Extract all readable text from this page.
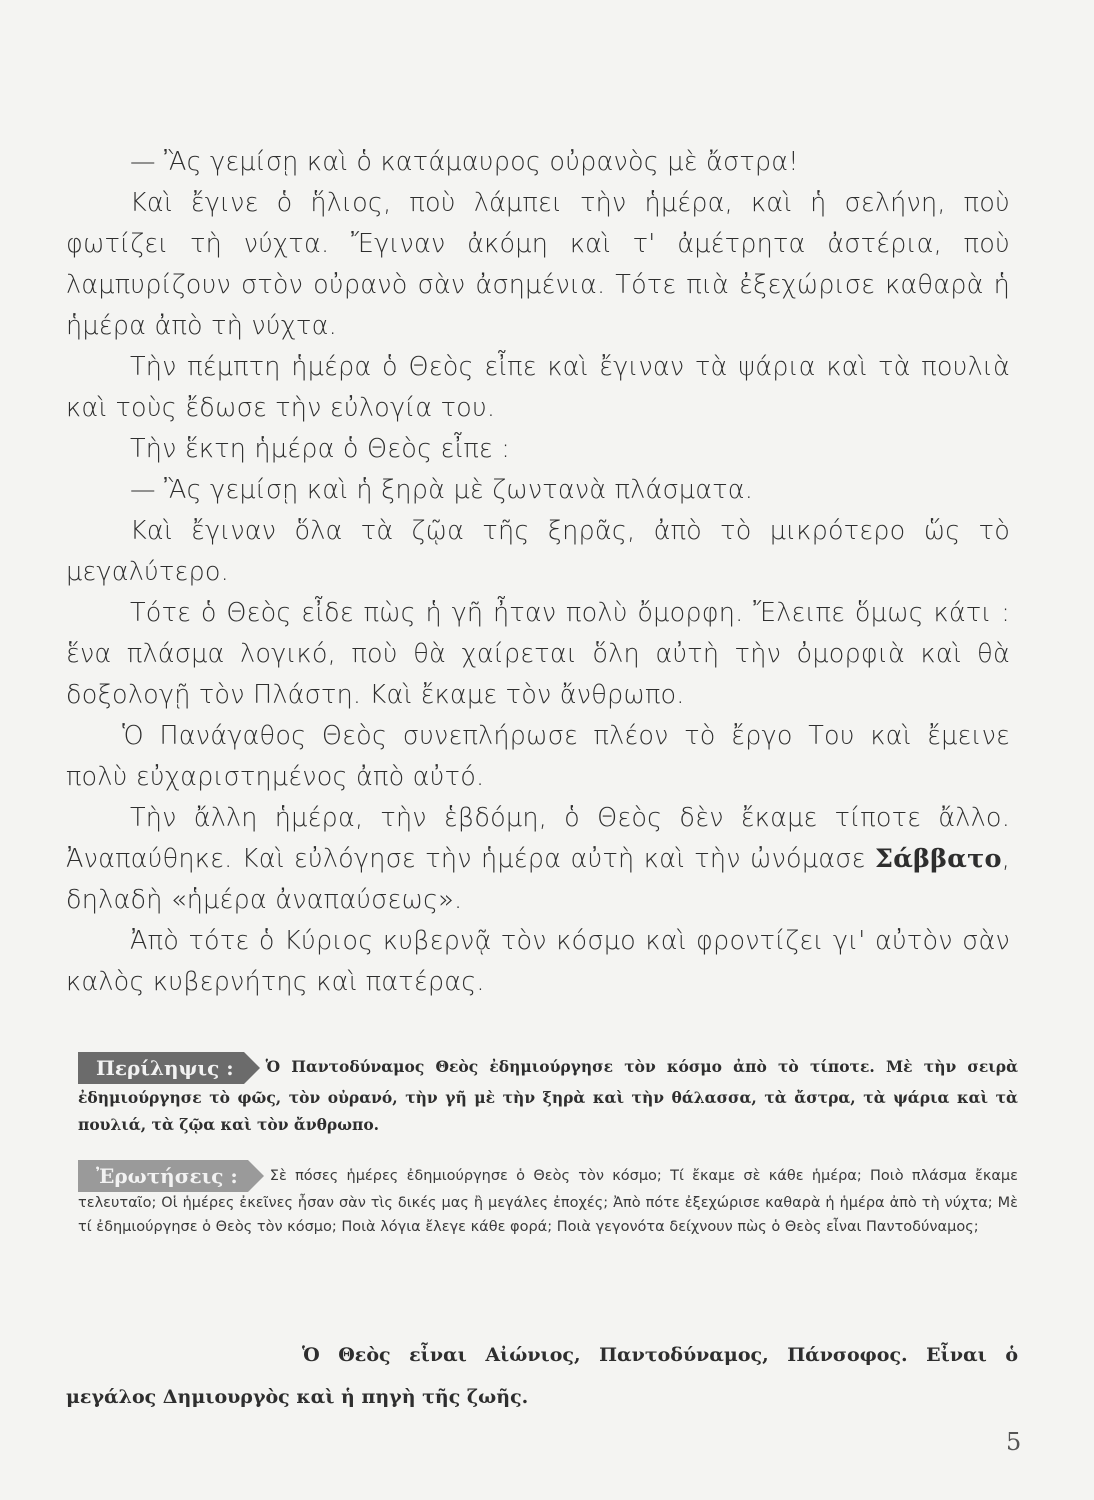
— Ἂς γεμίσῃ καὶ ὁ κατάμαυρος οὐρανὸς μὲ ἄστρα!

Καὶ ἔγινε ὁ ἥλιος, ποὺ λάμπει τὴν ἡμέρα, καὶ ἡ σελήνη, ποὺ φωτίζει τὴ νύχτα. Ἔγιναν ἀκόμη καὶ τ' ἀμέτρητα ἀστέρια, ποὺ λαμπυρίζουν στὸν οὐρανὸ σὰν ἀσημένια. Τότε πιὰ ἐξεχώρισε καθαρὰ ἡ ἡμέρα ἀπὸ τὴ νύχτα.

Τὴν πέμπτη ἡμέρα ὁ Θεὸς εἶπε καὶ ἔγιναν τὰ ψάρια καὶ τὰ πουλιὰ καὶ τοὺς ἔδωσε τὴν εὐλογία του.

Τὴν ἕκτη ἡμέρα ὁ Θεὸς εἶπε :

— Ἂς γεμίσῃ καὶ ἡ ξηρὰ μὲ ζωντανὰ πλάσματα.

Καὶ ἔγιναν ὅλα τὰ ζῷα τῆς ξηρᾶς, ἀπὸ τὸ μικρότερο ὥς τὸ μεγαλύτερο.

Τότε ὁ Θεὸς εἶδε πὼς ἡ γῆ ἦταν πολὺ ὄμορφη. Ἔλειπε ὅμως κάτι : ἕνα πλάσμα λογικό, ποὺ θὰ χαίρεται ὅλη αὐτὴ τὴν ὀμορφιὰ καὶ θὰ δοξολογῇ τὸν Πλάστη. Καὶ ἔκαμε τὸν ἄνθρωπο.

Ὁ Πανάγαθος Θεὸς συνεπλήρωσε πλέον τὸ ἔργο Του καὶ ἔμεινε πολὺ εὐχαριστημένος ἀπὸ αὐτό.

Τὴν ἄλλη ἡμέρα, τὴν ἑβδόμη, ὁ Θεὸς δὲν ἔκαμε τίποτε ἄλλο. Ἀναπαύθηκε. Καὶ εὐλόγησε τὴν ἡμέρα αὐτὴ καὶ τὴν ὠνόμασε Σάββατο, δηλαδὴ «ἡμέρα ἀναπαύσεως».

Ἀπὸ τότε ὁ Κύριος κυβερνᾷ τὸν κόσμο καὶ φροντίζει γι' αὐτὸν σὰν καλὸς κυβερνήτης καὶ πατέρας.

Περίληψις : Ὁ Παντοδύναμος Θεὸς ἐδημιούργησε τὸν κόσμο ἀπὸ τὸ τίποτε. Μὲ τὴν σειρὰ ἐδημιούργησε τὸ φῶς, τὸν οὐρανό, τὴν γῆ μὲ τὴν ξηρὰ καὶ τὴν θάλασσα, τὰ ἄστρα, τὰ ψάρια καὶ τὰ πουλιά, τὰ ζῷα καὶ τὸν ἄνθρωπο.

Ἐρωτήσεις : Σὲ πόσες ἡμέρες ἐδημιούργησε ὁ Θεὸς τὸν κόσμο; Τί ἔκαμε σὲ κάθε ἡμέρα; Ποιὸ πλάσμα ἔκαμε τελευταῖο; Οἱ ἡμέρες ἐκεῖνες ἦσαν σὰν τὶς δικές μας ἢ μεγάλες ἐποχές; Ἀπὸ πότε ἐξεχώρισε καθαρὰ ἡ ἡμέρα ἀπὸ τὴ νύχτα; Μὲ τί ἐδημιούργησε ὁ Θεὸς τὸν κόσμο; Ποιὰ λόγια ἔλεγε κάθε φορά; Ποιὰ γεγονότα δείχνουν πὼς ὁ Θεὸς εἶναι Παντοδύναμος;

Ὁ Θεὸς εἶναι Αἰώνιος, Παντοδύναμος, Πάνσοφος. Εἶναι ὁ μεγάλος Δημιουργὸς καὶ ἡ πηγὴ τῆς ζωῆς.

5
